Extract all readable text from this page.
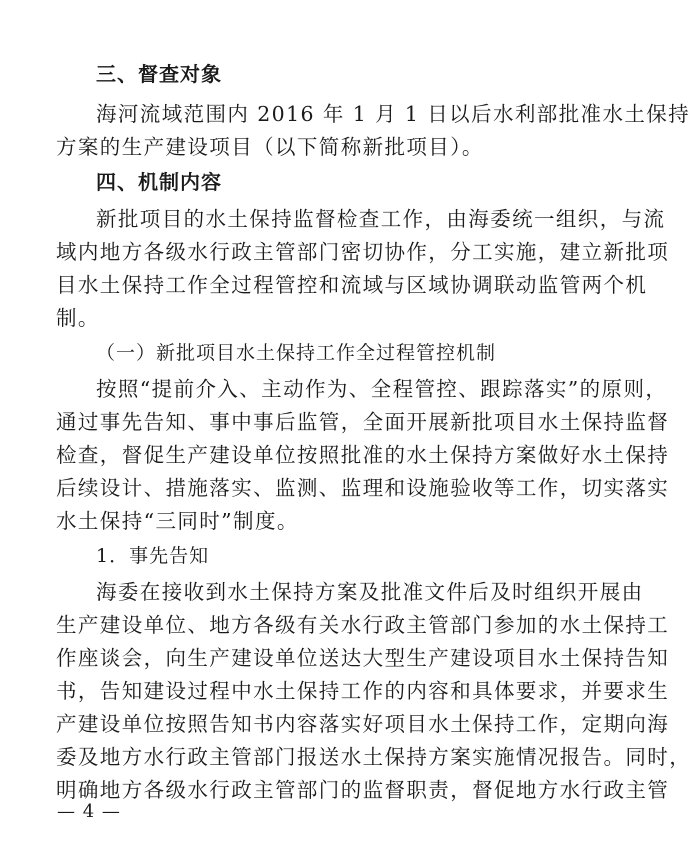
三、督查对象
海河流域范围内 2016 年 1 月 1 日以后水利部批准水土保持
方案的生产建设项目（以下简称新批项目）。
四、机制内容
新批项目的水土保持监督检查工作，由海委统一组织，与流
域内地方各级水行政主管部门密切协作，分工实施，建立新批项
目水土保持工作全过程管控和流域与区域协调联动监管两个机
制。
（一）新批项目水土保持工作全过程管控机制
按照“提前介入、主动作为、全程管控、跟踪落实”的原则，
通过事先告知、事中事后监管，全面开展新批项目水土保持监督
检查，督促生产建设单位按照批准的水土保持方案做好水土保持
后续设计、措施落实、监测、监理和设施验收等工作，切实落实
水土保持“三同时”制度。
1．事先告知
海委在接收到水土保持方案及批准文件后及时组织开展由
生产建设单位、地方各级有关水行政主管部门参加的水土保持工
作座谈会，向生产建设单位送达大型生产建设项目水土保持告知
书，告知建设过程中水土保持工作的内容和具体要求，并要求生
产建设单位按照告知书内容落实好项目水土保持工作，定期向海
委及地方水行政主管部门报送水土保持方案实施情况报告。同时，
明确地方各级水行政主管部门的监督职责，督促地方水行政主管
— 4 —
